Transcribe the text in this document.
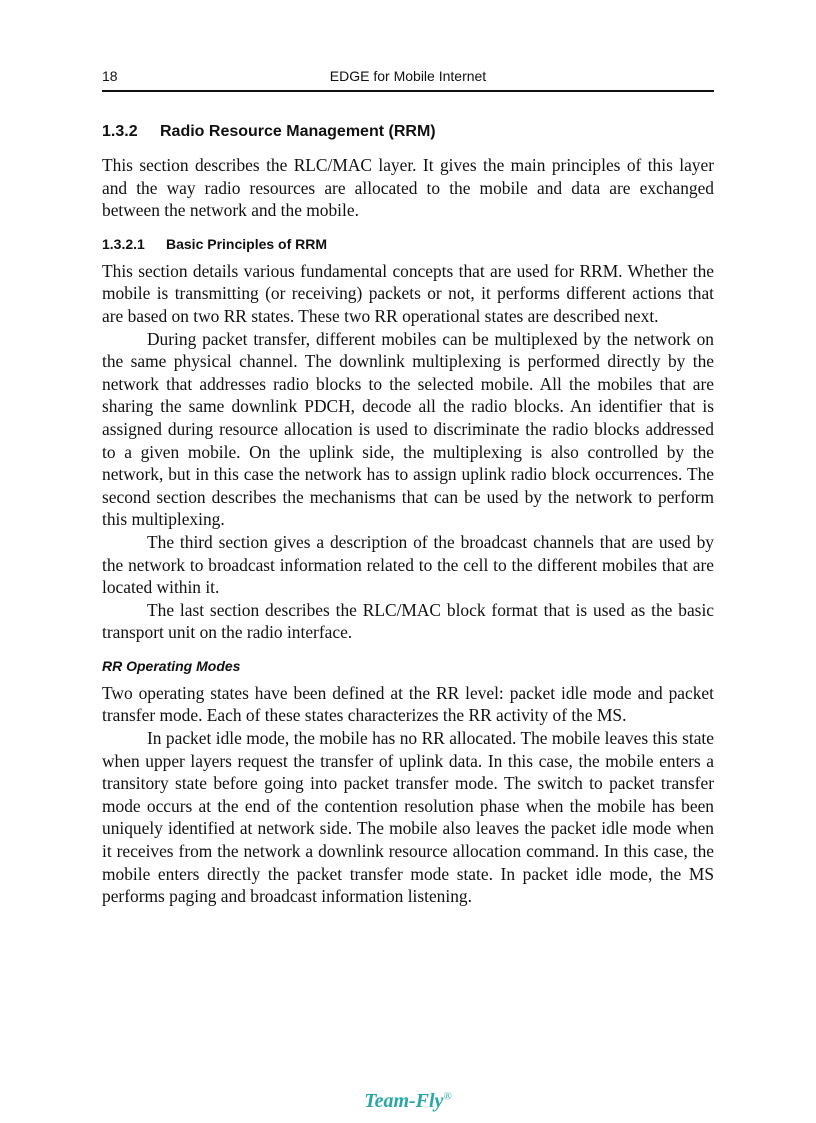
18	EDGE for Mobile Internet
1.3.2 Radio Resource Management (RRM)

This section describes the RLC/MAC layer. It gives the main principles of this layer and the way radio resources are allocated to the mobile and data are exchanged between the network and the mobile.

1.3.2.1 Basic Principles of RRM

This section details various fundamental concepts that are used for RRM. Whether the mobile is transmitting (or receiving) packets or not, it performs different actions that are based on two RR states. These two RR operational states are described next.

During packet transfer, different mobiles can be multiplexed by the network on the same physical channel. The downlink multiplexing is performed directly by the network that addresses radio blocks to the selected mobile. All the mobiles that are sharing the same downlink PDCH, decode all the radio blocks. An identifier that is assigned during resource allocation is used to discriminate the radio blocks addressed to a given mobile. On the uplink side, the multiplexing is also controlled by the network, but in this case the network has to assign uplink radio block occurrences. The second section describes the mechanisms that can be used by the network to perform this multiplexing.

The third section gives a description of the broadcast channels that are used by the network to broadcast information related to the cell to the different mobiles that are located within it.

The last section describes the RLC/MAC block format that is used as the basic transport unit on the radio interface.

RR Operating Modes

Two operating states have been defined at the RR level: packet idle mode and packet transfer mode. Each of these states characterizes the RR activity of the MS.

In packet idle mode, the mobile has no RR allocated. The mobile leaves this state when upper layers request the transfer of uplink data. In this case, the mobile enters a transitory state before going into packet transfer mode. The switch to packet transfer mode occurs at the end of the contention resolution phase when the mobile has been uniquely identified at network side. The mobile also leaves the packet idle mode when it receives from the network a downlink resource allocation command. In this case, the mobile enters directly the packet transfer mode state. In packet idle mode, the MS performs paging and broadcast information listening.

Team-Fly®
